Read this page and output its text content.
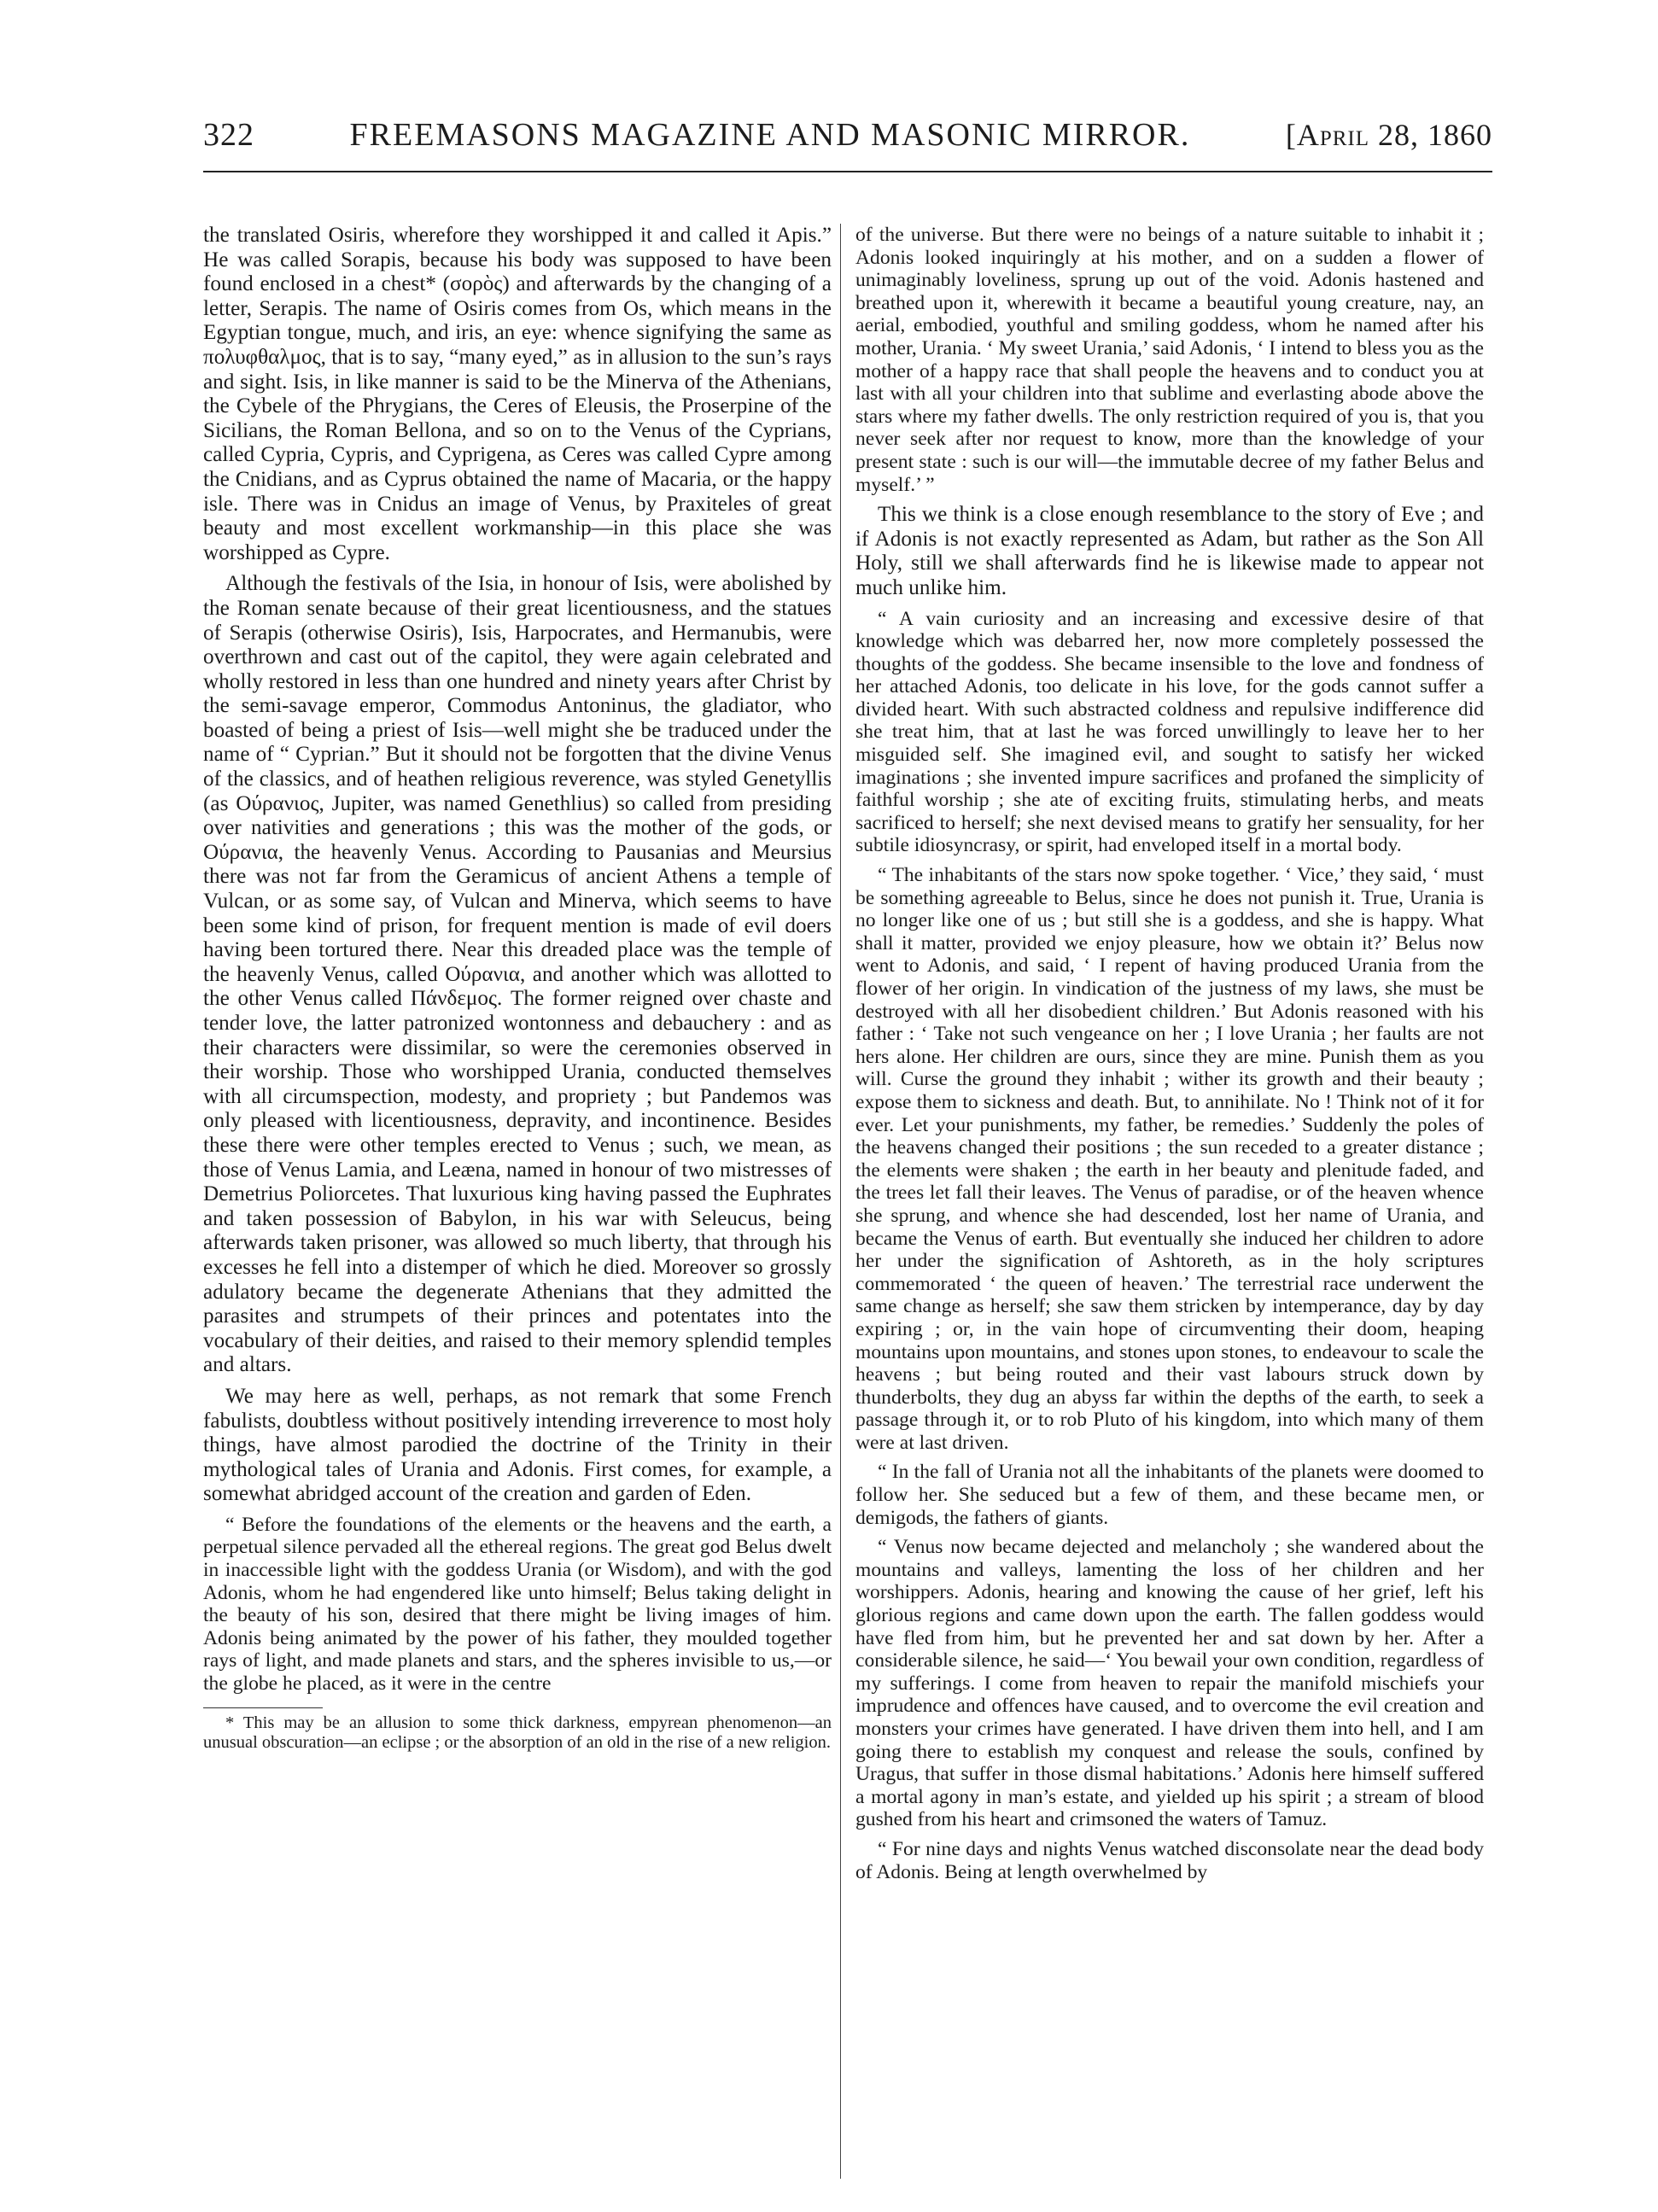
322	FREEMASONS MAGAZINE AND MASONIC MIRROR.	[April 28, 1860

the translated Osiris, wherefore they worshipped it and called it Apis.” He was called Sorapis, because his body was supposed to have been found enclosed in a chest* (σορὸς) and afterwards by the changing of a letter, Serapis. The name of Osiris comes from Os, which means in the Egyptian tongue, much, and iris, an eye: whence signifying the same as πολυφθαλμος, that is to say, “many eyed,” as in allusion to the sun’s rays and sight. Isis, in like manner is said to be the Minerva of the Athenians, the Cybele of the Phrygians, the Ceres of Eleusis, the Proserpine of the Sicilians, the Roman Bellona, and so on to the Venus of the Cyprians, called Cypria, Cypris, and Cyprigena, as Ceres was called Cypre among the Cnidians, and as Cyprus obtained the name of Macaria, or the happy isle. There was in Cnidus an image of Venus, by Praxiteles of great beauty and most excellent workmanship—in this place she was worshipped as Cypre.

Although the festivals of the Isia, in honour of Isis, were abolished by the Roman senate because of their great licentiousness, and the statues of Serapis (otherwise Osiris), Isis, Harpocrates, and Hermanubis, were overthrown and cast out of the capitol, they were again celebrated and wholly restored in less than one hundred and ninety years after Christ by the semi-savage emperor, Commodus Antoninus, the gladiator, who boasted of being a priest of Isis—well might she be traduced under the name of “ Cyprian.” But it should not be forgotten that the divine Venus of the classics, and of heathen religious reverence, was styled Genetyllis (as Ούρανιος, Jupiter, was named Genethlius) so called from presiding over nativities and generations ; this was the mother of the gods, or Ούρανια, the heavenly Venus. According to Pausanias and Meursius there was not far from the Geramicus of ancient Athens a temple of Vulcan, or as some say, of Vulcan and Minerva, which seems to have been some kind of prison, for frequent mention is made of evil doers having been tortured there. Near this dreaded place was the temple of the heavenly Venus, called Ούρανια, and another which was allotted to the other Venus called Πάνδεμος. The former reigned over chaste and tender love, the latter patronized wontonness and debauchery : and as their characters were dissimilar, so were the ceremonies observed in their worship. Those who worshipped Urania, conducted themselves with all circumspection, modesty, and propriety ; but Pandemos was only pleased with licentiousness, depravity, and incontinence. Besides these there were other temples erected to Venus ; such, we mean, as those of Venus Lamia, and Leæna, named in honour of two mistresses of Demetrius Poliorcetes. That luxurious king having passed the Euphrates and taken possession of Babylon, in his war with Seleucus, being afterwards taken prisoner, was allowed so much liberty, that through his excesses he fell into a distemper of which he died. Moreover so grossly adulatory became the degenerate Athenians that they admitted the parasites and strumpets of their princes and potentates into the vocabulary of their deities, and raised to their memory splendid temples and altars.

We may here as well, perhaps, as not remark that some French fabulists, doubtless without positively intending irreverence to most holy things, have almost parodied the doctrine of the Trinity in their mythological tales of Urania and Adonis. First comes, for example, a somewhat abridged account of the creation and garden of Eden.

“ Before the foundations of the elements or the heavens and the earth, a perpetual silence pervaded all the ethereal regions. The great god Belus dwelt in inaccessible light with the goddess Urania (or Wisdom), and with the god Adonis, whom he had engendered like unto himself; Belus taking delight in the beauty of his son, desired that there might be living images of him. Adonis being animated by the power of his father, they moulded together rays of light, and made planets and stars, and the spheres invisible to us,—or the globe he placed, as it were in the centre

* This may be an allusion to some thick darkness, empyrean phenomenon—an unusual obscuration—an eclipse ; or the absorption of an old in the rise of a new religion.

of the universe. But there were no beings of a nature suitable to inhabit it ; Adonis looked inquiringly at his mother, and on a sudden a flower of unimaginably loveliness, sprung up out of the void. Adonis hastened and breathed upon it, wherewith it became a beautiful young creature, nay, an aerial, embodied, youthful and smiling goddess, whom he named after his mother, Urania. ‘ My sweet Urania,’ said Adonis, ‘ I intend to bless you as the mother of a happy race that shall people the heavens and to conduct you at last with all your children into that sublime and everlasting abode above the stars where my father dwells. The only restriction required of you is, that you never seek after nor request to know, more than the knowledge of your present state : such is our will—the immutable decree of my father Belus and myself.’ ”

This we think is a close enough resemblance to the story of Eve ; and if Adonis is not exactly represented as Adam, but rather as the Son All Holy, still we shall afterwards find he is likewise made to appear not much unlike him.

“ A vain curiosity and an increasing and excessive desire of that knowledge which was debarred her, now more completely possessed the thoughts of the goddess. She became insensible to the love and fondness of her attached Adonis, too delicate in his love, for the gods cannot suffer a divided heart. With such abstracted coldness and repulsive indifference did she treat him, that at last he was forced unwillingly to leave her to her misguided self. She imagined evil, and sought to satisfy her wicked imaginations ; she invented impure sacrifices and profaned the simplicity of faithful worship ; she ate of exciting fruits, stimulating herbs, and meats sacrificed to herself; she next devised means to gratify her sensuality, for her subtile idiosyncrasy, or spirit, had enveloped itself in a mortal body.

“ The inhabitants of the stars now spoke together. ‘ Vice,’ they said, ‘ must be something agreeable to Belus, since he does not punish it. True, Urania is no longer like one of us ; but still she is a goddess, and she is happy. What shall it matter, provided we enjoy pleasure, how we obtain it?’ Belus now went to Adonis, and said, ‘ I repent of having produced Urania from the flower of her origin. In vindication of the justness of my laws, she must be destroyed with all her disobedient children.’ But Adonis reasoned with his father : ‘ Take not such vengeance on her ; I love Urania ; her faults are not hers alone. Her children are ours, since they are mine. Punish them as you will. Curse the ground they inhabit ; wither its growth and their beauty ; expose them to sickness and death. But, to annihilate. No ! Think not of it for ever. Let your punishments, my father, be remedies.’ Suddenly the poles of the heavens changed their positions ; the sun receded to a greater distance ; the elements were shaken ; the earth in her beauty and plenitude faded, and the trees let fall their leaves. The Venus of paradise, or of the heaven whence she sprung, and whence she had descended, lost her name of Urania, and became the Venus of earth. But eventually she induced her children to adore her under the signification of Ashtoreth, as in the holy scriptures commemorated ‘ the queen of heaven.’ The terrestrial race underwent the same change as herself; she saw them stricken by intemperance, day by day expiring ; or, in the vain hope of circumventing their doom, heaping mountains upon mountains, and stones upon stones, to endeavour to scale the heavens ; but being routed and their vast labours struck down by thunderbolts, they dug an abyss far within the depths of the earth, to seek a passage through it, or to rob Pluto of his kingdom, into which many of them were at last driven.

“ In the fall of Urania not all the inhabitants of the planets were doomed to follow her. She seduced but a few of them, and these became men, or demigods, the fathers of giants.

“ Venus now became dejected and melancholy ; she wandered about the mountains and valleys, lamenting the loss of her children and her worshippers. Adonis, hearing and knowing the cause of her grief, left his glorious regions and came down upon the earth. The fallen goddess would have fled from him, but he prevented her and sat down by her. After a considerable silence, he said—‘ You bewail your own condition, regardless of my sufferings. I come from heaven to repair the manifold mischiefs your imprudence and offences have caused, and to overcome the evil creation and monsters your crimes have generated. I have driven them into hell, and I am going there to establish my conquest and release the souls, confined by Uragus, that suffer in those dismal habitations.’ Adonis here himself suffered a mortal agony in man’s estate, and yielded up his spirit ; a stream of blood gushed from his heart and crimsoned the waters of Tamuz.

“ For nine days and nights Venus watched disconsolate near the dead body of Adonis. Being at length overwhelmed by
